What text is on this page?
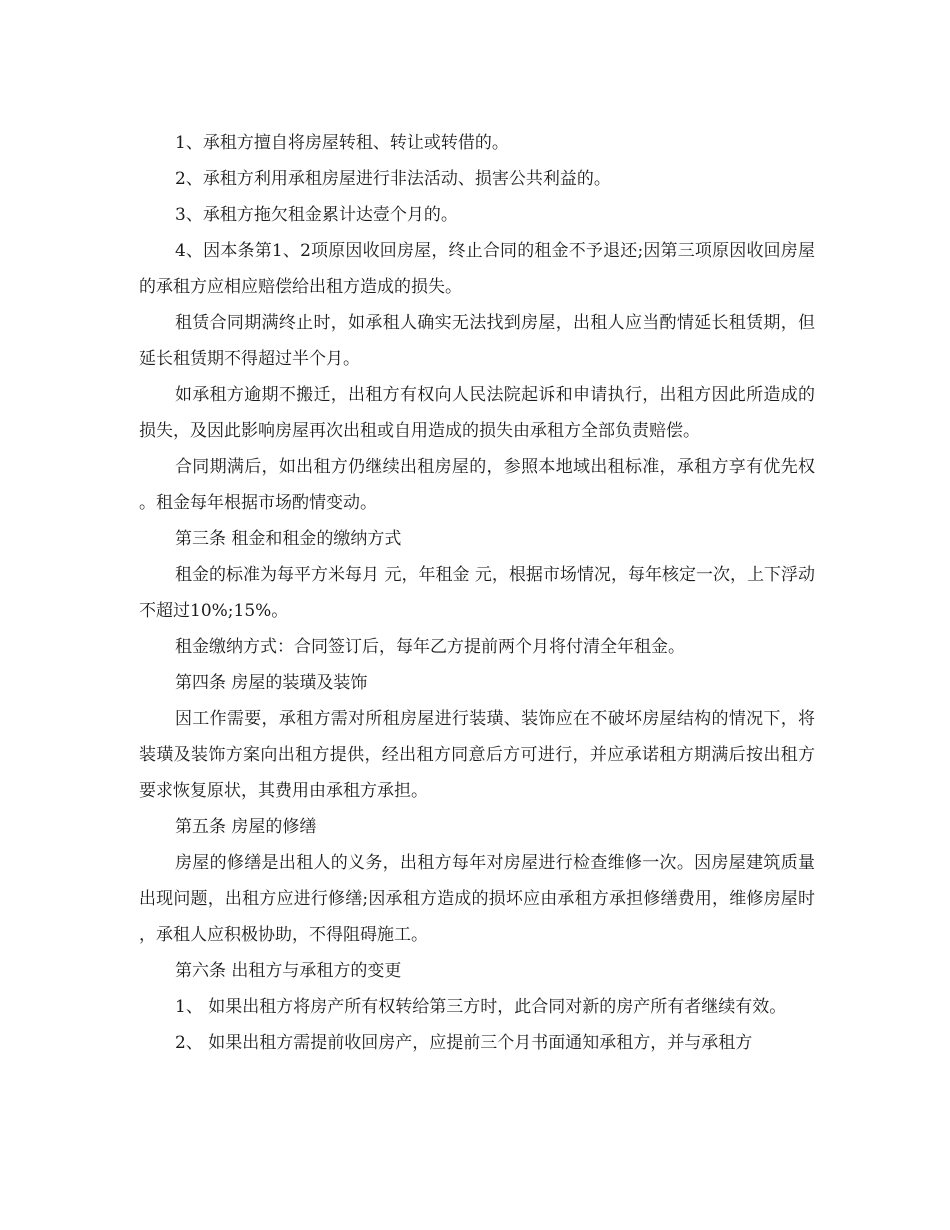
1、承租方擅自将房屋转租、转让或转借的。

2、承租方利用承租房屋进行非法活动、损害公共利益的。

3、承租方拖欠租金累计达壹个月的。

4、因本条第1、2项原因收回房屋，终止合同的租金不予退还;因第三项原因收回房屋的承租方应相应赔偿给出租方造成的损失。

租赁合同期满终止时，如承租人确实无法找到房屋，出租人应当酌情延长租赁期，但延长租赁期不得超过半个月。

如承租方逾期不搬迁，出租方有权向人民法院起诉和申请执行，出租方因此所造成的损失，及因此影响房屋再次出租或自用造成的损失由承租方全部负责赔偿。

合同期满后，如出租方仍继续出租房屋的，参照本地域出租标准，承租方享有优先权。租金每年根据市场酌情变动。

第三条 租金和租金的缴纳方式

租金的标准为每平方米每月 元，年租金 元，根据市场情况，每年核定一次，上下浮动不超过10%;15%。

租金缴纳方式：合同签订后，每年乙方提前两个月将付清全年租金。

第四条 房屋的装璜及装饰

因工作需要，承租方需对所租房屋进行装璜、装饰应在不破坏房屋结构的情况下，将装璜及装饰方案向出租方提供，经出租方同意后方可进行，并应承诺租方期满后按出租方要求恢复原状，其费用由承租方承担。

第五条 房屋的修缮

房屋的修缮是出租人的义务，出租方每年对房屋进行检查维修一次。因房屋建筑质量出现问题，出租方应进行修缮;因承租方造成的损坏应由承租方承担修缮费用，维修房屋时，承租人应积极协助，不得阻碍施工。

第六条 出租方与承租方的变更

1、 如果出租方将房产所有权转给第三方时，此合同对新的房产所有者继续有效。

2、 如果出租方需提前收回房产，应提前三个月书面通知承租方，并与承租方
